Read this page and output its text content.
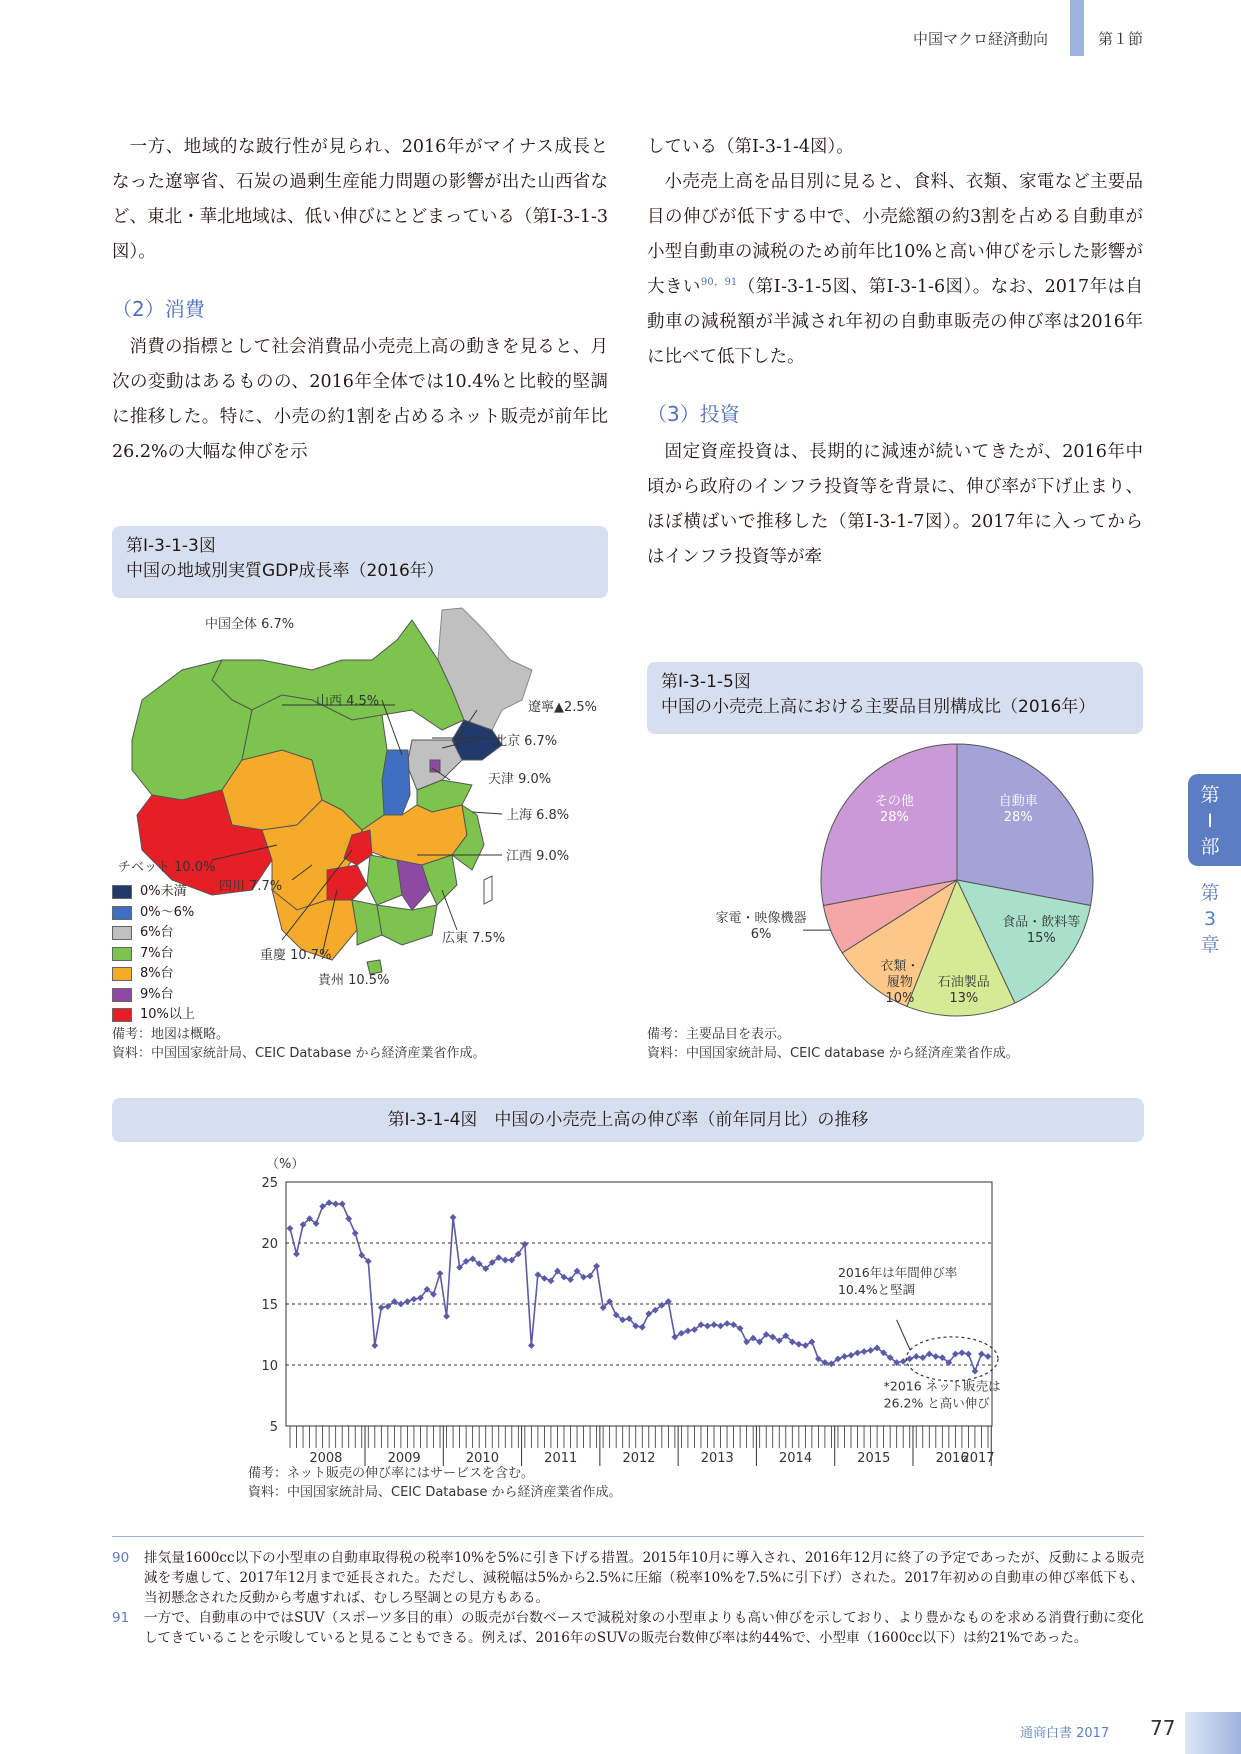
中国マクロ経済動向	第１節
第
I
部
第
3
章

一方、地域的な跛行性が見られ、2016年がマイナス成長となった遼寧省、石炭の過剰生産能力問題の影響が出た山西省など、東北・華北地域は、低い伸びにとどまっている（第Ⅰ-3-1-3図）。

（2）消費

消費の指標として社会消費品小売売上高の動きを見ると、月次の変動はあるものの、2016年全体では10.4%と比較的堅調に推移した。特に、小売の約1割を占めるネット販売が前年比26.2%の大幅な伸びを示

している（第Ⅰ-3-1-4図）。

小売売上高を品目別に見ると、食料、衣類、家電など主要品目の伸びが低下する中で、小売総額の約3割を占める自動車が小型自動車の減税のため前年比10%と高い伸びを示した影響が大きい$^{90,91}$（第Ⅰ-3-1-5図、第Ⅰ-3-1-6図）。なお、2017年は自動車の減税額が半減され年初の自動車販売の伸び率は2016年に比べて低下した。

（3）投資

固定資産投資は、長期的に減速が続いてきたが、2016年中頃から政府のインフラ投資等を背景に、伸び率が下げ止まり、ほぼ横ばいで推移した（第Ⅰ-3-1-7図）。2017年に入ってからはインフラ投資等が牽

第Ⅰ-3-1-3図
中国の地域別実質GDP成長率（2016年）
中国全体 6.7%
山西 4.5%	遼寧▲2.5%
北京 6.7%
天津 9.0%
上海 6.8%
江西 9.0%
チベット 10.0%
四川 7.7%
広東 7.5%
重慶 10.7%
貴州 10.5%
0%未満
0%～6%
6%台
7%台
8%台
9%台
10%以上
備考：地図は概略。
資料：中国国家統計局、CEIC Database から経済産業省作成。
第Ⅰ-3-1-5図
中国の小売売上高における主要品目別構成比（2016年）
自動車 28%
食品・飲料等 15%
石油製品 13%
衣類・履物 10%
家電・映像機器 6%
その他 28%
備考：主要品目を表示。
資料：中国国家統計局、CEIC database から経済産業省作成。
第Ⅰ-3-1-4図　中国の小売売上高の伸び率（前年同月比）の推移
（%）
5
10
15
20
25
2008	2009	2010	2011	2012	2013	2014	2015	2016
2017
2016年は年間伸び率 10.4%と堅調
*2016 ネット販売は 26.2% と高い伸び
備考：ネット販売の伸び率にはサービスを含む。
資料：中国国家統計局、CEIC Database から経済産業省作成。
90	排気量1600cc以下の小型車の自動車取得税の税率10%を5%に引き下げる措置。2015年10月に導入され、2016年12月に終了の予定であったが、反動による販売減を考慮して、2017年12月まで延長された。ただし、減税幅は5%から2.5%に圧縮（税率10%を7.5%に引下げ）された。2017年初めの自動車の伸び率低下も、当初懸念された反動から考慮すれば、むしろ堅調との見方もある。
91	一方で、自動車の中ではSUV（スポーツ多目的車）の販売が台数ベースで減税対象の小型車よりも高い伸びを示しており、より豊かなものを求める消費行動に変化してきていることを示唆していると見ることもできる。例えば、2016年のSUVの販売台数伸び率は約44%で、小型車（1600cc以下）は約21%であった。
通商白書 2017 77
